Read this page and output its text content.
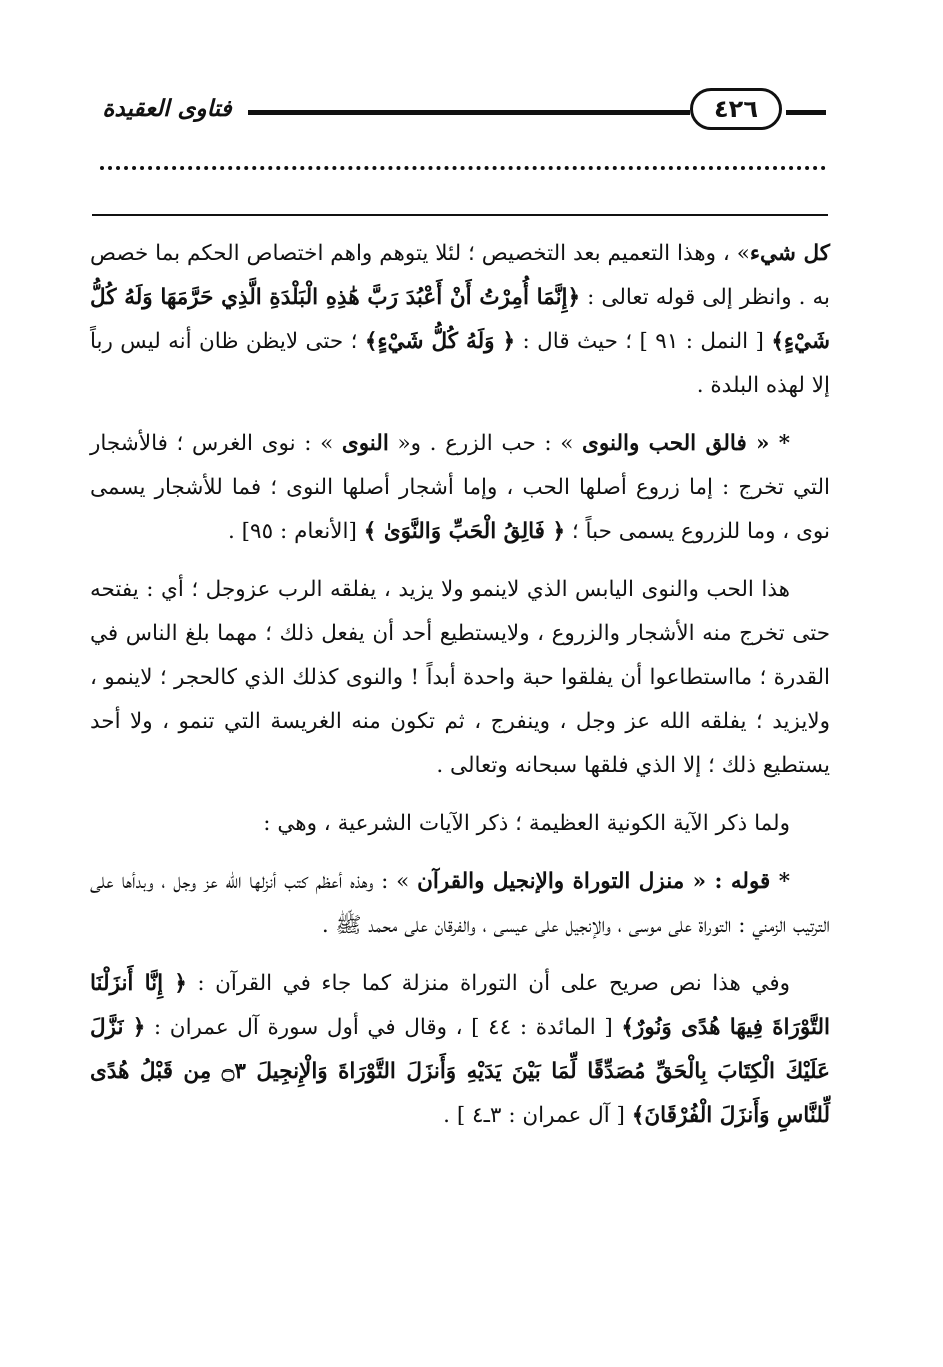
فتاوى العقيدة	٤٢٦

كل شيء» ، وهذا التعميم بعد التخصيص ؛ لئلا يتوهم واهم اختصاص الحكم بما خصص به . وانظر إلى قوله تعالى : ﴿إِنَّمَا أُمِرْتُ أَنْ أَعْبُدَ رَبَّ هَٰذِهِ الْبَلْدَةِ الَّذِي حَرَّمَهَا وَلَهُ كُلُّ شَيْءٍ﴾ [ النمل : ٩١ ] ؛ حيث قال : ﴿ وَلَهُ كُلُّ شَيْءٍ﴾ ؛ حتى لايظن ظان أنه ليس رباً إلا لهذه البلدة .

* « فالق الحب والنوى » : حب الزرع . و« النوى » : نوى الغرس ؛ فالأشجار التي تخرج : إما زروع أصلها الحب ، وإما أشجار أصلها النوى ؛ فما للأشجار يسمى نوى ، وما للزروع يسمى حباً ؛ ﴿ فَالِقُ الْحَبِّ وَالنَّوَىٰ ﴾ [الأنعام : ٩٥] .

هذا الحب والنوى اليابس الذي لاينمو ولا يزيد ، يفلقه الرب عزوجل ؛ أي : يفتحه حتى تخرج منه الأشجار والزروع ، ولايستطيع أحد أن يفعل ذلك ؛ مهما بلغ الناس في القدرة ؛ مااستطاعوا أن يفلقوا حبة واحدة أبداً ! والنوى كذلك الذي كالحجر ؛ لاينمو ، ولايزيد ؛ يفلقه الله عز وجل ، وينفرج ، ثم تكون منه الغريسة التي تنمو ، ولا أحد يستطيع ذلك ؛ إلا الذي فلقها سبحانه وتعالى .

ولما ذكر الآية الكونية العظيمة ؛ ذكر الآيات الشرعية ، وهي :

* قوله : « منزل التوراة والإنجيل والقرآن » : وهذه أعظم كتب أنزلها الله عز وجل ، وبدأها على الترتيب الزمني : التوراة على موسى ، والإنجيل على عيسى ، والفرقان على محمد ﷺ .

وفي هذا نص صريح على أن التوراة منزلة كما جاء في القرآن : ﴿ إِنَّا أَنزَلْنَا التَّوْرَاةَ فِيهَا هُدًى وَنُورٌ﴾ [ المائدة : ٤٤ ] ، وقال في أول سورة آل عمران : ﴿ نَزَّلَ عَلَيْكَ الْكِتَابَ بِالْحَقِّ مُصَدِّقًا لِّمَا بَيْنَ يَدَيْهِ وَأَنزَلَ التَّوْرَاةَ وَالْإِنجِيلَ ۝٣ مِن قَبْلُ هُدًى لِّلنَّاسِ وَأَنزَلَ الْفُرْقَانَ﴾ [ آل عمران : ٣ـ٤ ] .
